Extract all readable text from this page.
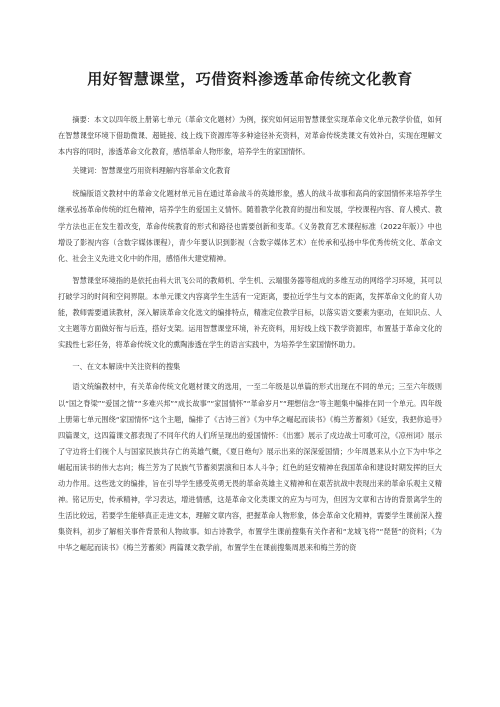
用好智慧课堂，巧借资料渗透革命传统文化教育

摘要：本文以四年级上册第七单元（革命文化题材）为例，探究如何运用智慧课堂实现革命文化单元教学价值，如何在智慧课堂环境下借助微课、超链接、线上线下资源库等多种途径补充资料，对革命传统类课文有效补白，实现在理解文本内容的同时，渗透革命文化教育，感悟革命人物形象，培养学生的家国情怀。

关键词：智慧课堂巧用资料理解内容革命文化教育

统编版语文教材中的革命文化题材单元旨在通过革命战斗的英雄形象，感人的战斗故事和高尚的家国情怀来培养学生继承弘扬革命传统的红色精神，培养学生的爱国主义情怀。随着教学化教育的提出和发展，学校课程内容、育人模式、教学方法也正在发生着改变，革命传统教育的形式和路径也需要创新和变革。《义务教育艺术课程标准（2022年版）》中也增设了影视内容（含数字媒体课程），青少年要认识到影视（含数字媒体艺术）在传承和弘扬中华优秀传统文化、革命文化、社会主义先进文化中的作用，感悟伟大建党精神。

智慧课堂环境指的是依托由科大讯飞公司的教师机、学生机、云端服务器等组成的多维互动的网络学习环境，其可以打破学习的时间和空间界限。本单元课文内容离学生生活有一定距离，要拉近学生与文本的距离，发挥革命文化的育人功能，教师需要通读教材，深入解读革命文化选文的编排特点，精准定位教学目标，以落实语文要素为驱动，在知识点、人文主题等方面做好衔与后连，搭好支架。运用智慧课堂环境，补充资料，用好线上线下教学资源库，布置基于革命文化的实践性七彩任务，将革命传统文化的熏陶渗透在学生的语言实践中，为培养学生家国情怀助力。

一、在文本解读中关注资料的搜集

语文统编教材中，有关革命传统文化题材课文的选用，一至二年级是以单篇的形式出现在不同的单元；三至六年级则以“国之脊梁”“爱国之情”“多难兴邦”“成长故事”“家国情怀”“革命岁月”“理想信念”等主题集中编排在同一个单元。四年级上册第七单元围绕“家国情怀”这个主题，编排了《古诗三首》《为中华之崛起而读书》《梅兰芳蓄须》《延安，我把你追寻》四篇课文，这四篇课文都表现了不同年代的人们所呈现出的爱国情怀：《出塞》展示了戍边战士可歌可泣，《凉州词》展示了守边将士们视个人与国家民族共存亡的英雄气概，《夏日绝句》展示出来的深深爱国情；少年周恩来从小立下为中华之崛起而读书的伟大志向；梅兰芳为了民族气节蓄须罢演和日本人斗争；红色的延安精神在我国革命和建设时期发挥的巨大动力作用。这些选文的编排，旨在引导学生感受英勇无畏的革命英雄主义精神和在艰苦抗战中表现出来的革命乐观主义精神。铭记历史，传承精神，学习表达，增进情感，这是革命文化类课文的应为与可为，但因为文章和古诗的背景离学生的生活比较远，若要学生能够真正走进文本，理解文章内容，把握革命人物形象，体会革命文化精神，需要学生课前深入搜集资料，初步了解相关事件背景和人物故事。如古诗教学，布置学生课前搜集有关作者和“龙城飞将”“琵琶”的资料；《为中华之崛起而读书》《梅兰芳蓄须》两篇课文教学前，布置学生在课前搜集周恩来和梅兰芳的资
